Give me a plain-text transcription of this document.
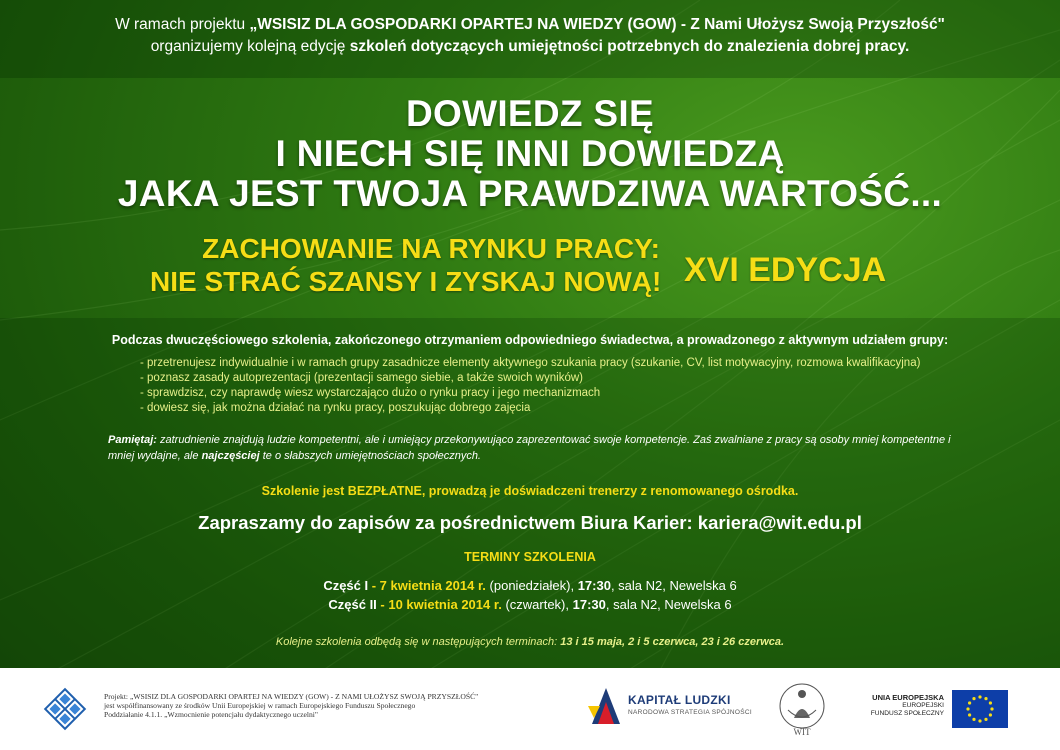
W ramach projektu „WSISIZ DLA GOSPODARKI OPARTEJ NA WIEDZY (GOW) - Z Nami Ułożysz Swoją Przyszłość"
organizujemy kolejną edycję szkoleń dotyczących umiejętności potrzebnych do znalezienia dobrej pracy.
DOWIEDZ SIĘ
I NIECH SIĘ INNI DOWIEDZĄ
JAKA JEST TWOJA PRAWDZIWA WARTOŚĆ...
ZACHOWANIE NA RYNKU PRACY:
NIE STRAĆ SZANSY I ZYSKAJ NOWĄ! XVI EDYCJA
Podczas dwuczęściowego szkolenia, zakończonego otrzymaniem odpowiedniego świadectwa, a prowadzonego z aktywnym udziałem grupy:
- przetrenujesz indywidualnie i w ramach grupy zasadnicze elementy aktywnego szukania pracy (szukanie, CV, list motywacyjny, rozmowa kwalifikacyjna)
- poznasz zasady autoprezentacji (prezentacji samego siebie, a także swoich wyników)
- sprawdzisz, czy naprawdę wiesz wystarczająco dużo o rynku pracy i jego mechanizmach
- dowiesz się, jak można działać na rynku pracy, poszukując dobrego zajęcia
Pamiętaj: zatrudnienie znajdują ludzie kompetentni, ale i umiejący przekonywująco zaprezentować swoje kompetencje. Zaś zwalniane z pracy są osoby mniej kompetentne i mniej wydajne, ale najczęściej te o słabszych umiejętnościach społecznych.
Szkolenie jest BEZPŁATNE, prowadzą je doświadczeni trenerzy z renomowanego ośrodka.
Zapraszamy do zapisów za pośrednictwem Biura Karier: kariera@wit.edu.pl
TERMINY SZKOLENIA
Część I - 7 kwietnia 2014 r. (poniedziałek), 17:30, sala N2, Newelska 6
Część II - 10 kwietnia 2014 r. (czwartek), 17:30, sala N2, Newelska 6
Kolejne szkolenia odbędą się w następujących terminach: 13 i 15 maja, 2 i 5 czerwca, 23 i 26 czerwca.
Projekt: „WSISIZ DLA GOSPODARKI OPARTEJ NA WIEDZY (GOW) - Z NAMI UŁOŻYSZ SWOJĄ PRZYSZŁOŚĆ"
jest współfinansowany ze środków Unii Europejskiej w ramach Europejskiego Funduszu Społecznego
Poddziałanie 4.1.1. „Wzmocnienie potencjału dydaktycznego uczelni"
KAPITAŁ LUDZKI
NARODOWA STRATEGIA SPÓJNOŚCI
WIT
UNIA EUROPEJSKA
EUROPEJSKI
FUNDUSZ SPOŁECZNY
